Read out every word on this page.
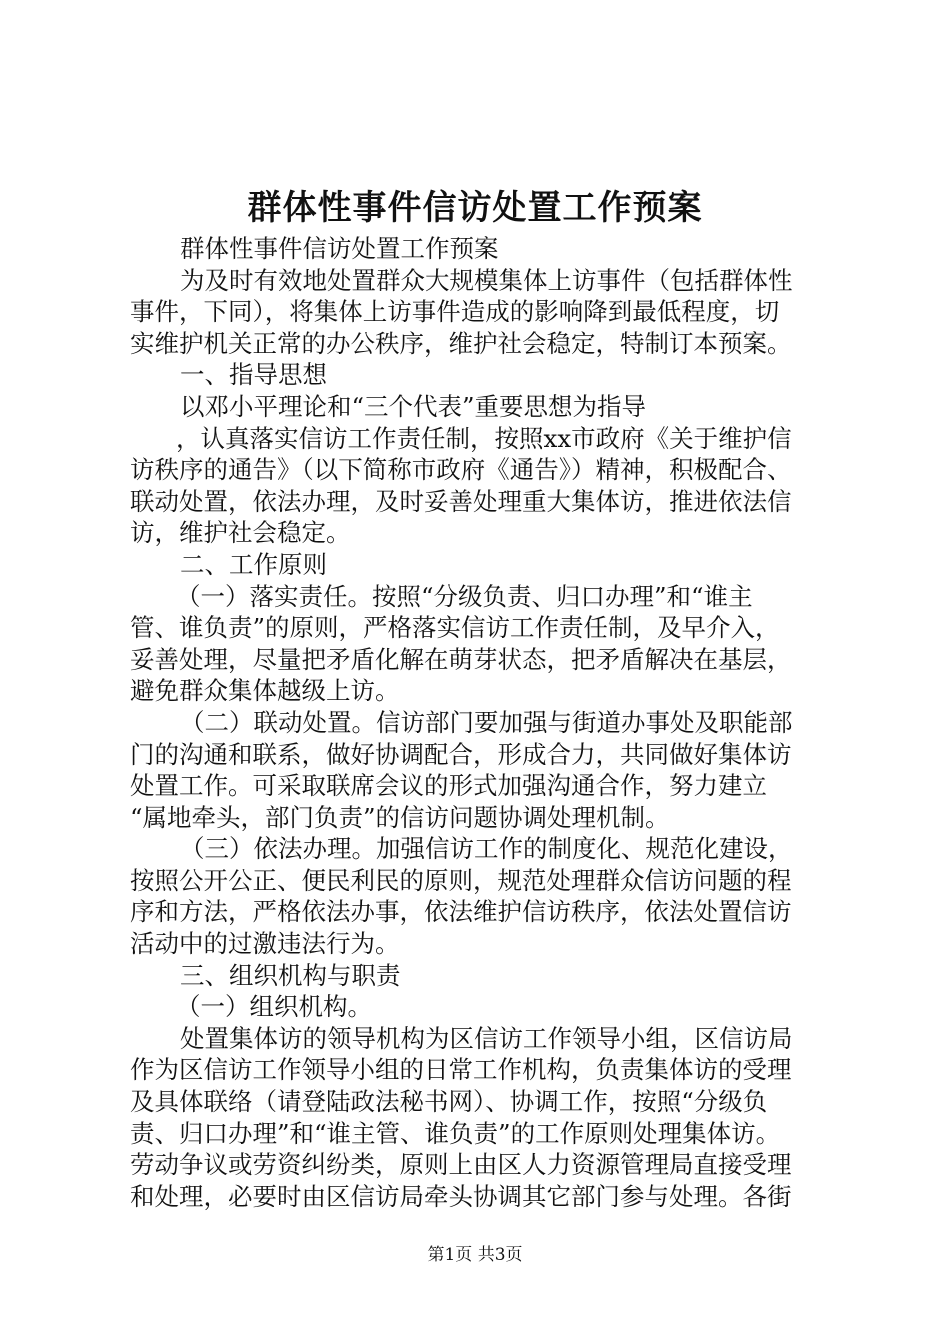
群体性事件信访处置工作预案
群体性事件信访处置工作预案
为及时有效地处置群众大规模集体上访事件（包括群体性
事件，下同），将集体上访事件造成的影响降到最低程度，切
实维护机关正常的办公秩序，维护社会稳定，特制订本预案。
一、指导思想
以邓小平理论和“三个代表”重要思想为指导
，认真落实信访工作责任制，按照xx市政府《关于维护信
访秩序的通告》（以下简称市政府《通告》）精神，积极配合、
联动处置，依法办理，及时妥善处理重大集体访，推进依法信
访，维护社会稳定。
二、工作原则
（一）落实责任。按照“分级负责、归口办理”和“谁主
管、谁负责”的原则，严格落实信访工作责任制，及早介入，
妥善处理，尽量把矛盾化解在萌芽状态，把矛盾解决在基层，
避免群众集体越级上访。
（二）联动处置。信访部门要加强与街道办事处及职能部
门的沟通和联系，做好协调配合，形成合力，共同做好集体访
处置工作。可采取联席会议的形式加强沟通合作，努力建立
“属地牵头，部门负责”的信访问题协调处理机制。
（三）依法办理。加强信访工作的制度化、规范化建设，
按照公开公正、便民利民的原则，规范处理群众信访问题的程
序和方法，严格依法办事，依法维护信访秩序，依法处置信访
活动中的过激违法行为。
三、组织机构与职责
（一）组织机构。
处置集体访的领导机构为区信访工作领导小组，区信访局
作为区信访工作领导小组的日常工作机构，负责集体访的受理
及具体联络（请登陆政法秘书网）、协调工作，按照“分级负
责、归口办理”和“谁主管、谁负责”的工作原则处理集体访。
劳动争议或劳资纠纷类，原则上由区人力资源管理局直接受理
和处理，必要时由区信访局牵头协调其它部门参与处理。各街
第1页 共3页
